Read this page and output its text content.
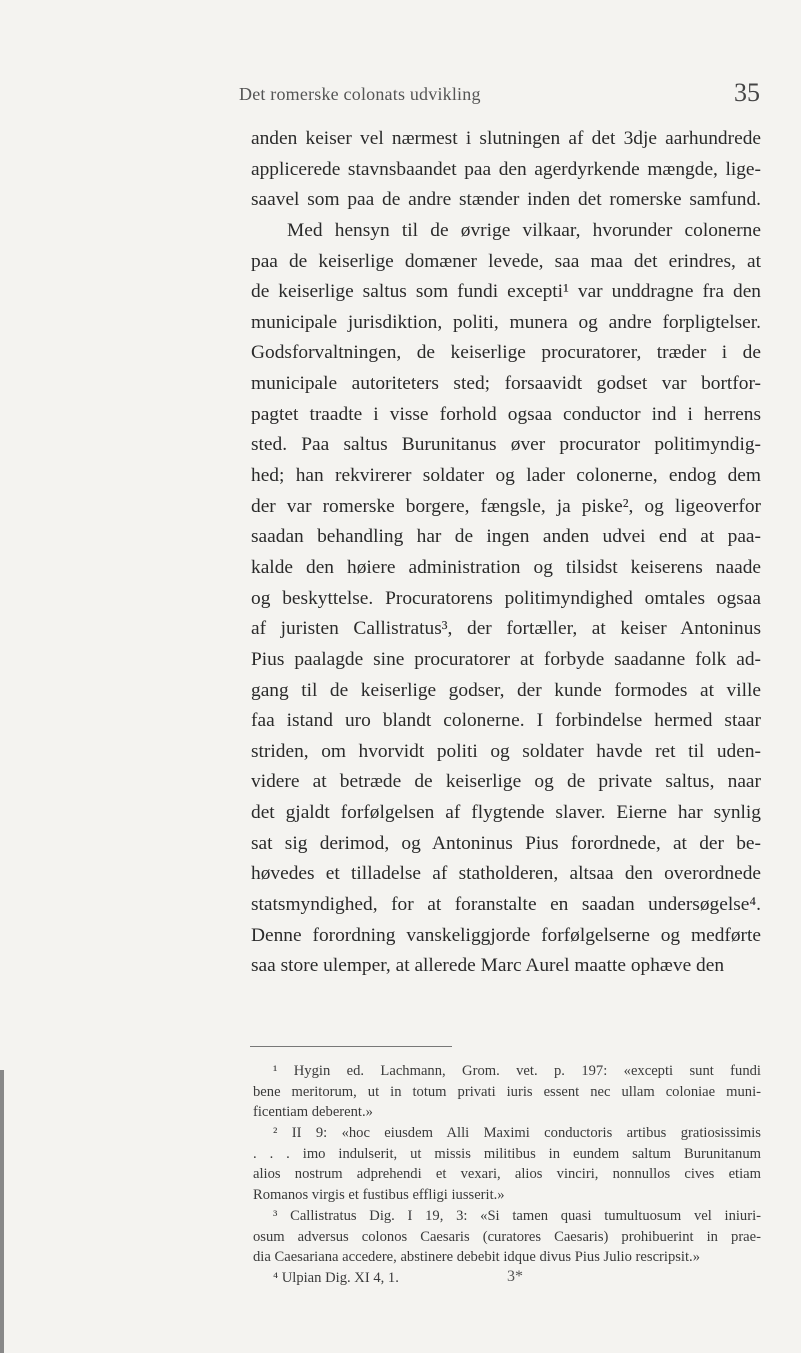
Det romerske colonats udvikling	35
anden keiser vel nærmest i slutningen af det 3dje aarhundrede
applicerede stavnsbaandet paa den agerdyrkende mængde, lige-
saavel som paa de andre stænder inden det romerske samfund.
Med hensyn til de øvrige vilkaar, hvorunder colonerne
paa de keiserlige domæner levede, saa maa det erindres, at
de keiserlige saltus som fundi excepti¹ var unddragne fra den
municipale jurisdiktion, politi, munera og andre forpligtelser.
Godsforvaltningen, de keiserlige procuratorer, træder i de
municipale autoriteters sted; forsaavidt godset var bortfor-
pagtet traadte i visse forhold ogsaa conductor ind i herrens
sted. Paa saltus Burunitanus øver procurator politimyndig-
hed; han rekvirerer soldater og lader colonerne, endog dem
der var romerske borgere, fængsle, ja piske², og ligeoverfor
saadan behandling har de ingen anden udvei end at paa-
kalde den høiere administration og tilsidst keiserens naade
og beskyttelse. Procuratorens politimyndighed omtales ogsaa
af juristen Callistratus³, der fortæller, at keiser Antoninus
Pius paalagde sine procuratorer at forbyde saadanne folk ad-
gang til de keiserlige godser, der kunde formodes at ville
faa istand uro blandt colonerne. I forbindelse hermed staar
striden, om hvorvidt politi og soldater havde ret til uden-
videre at betræde de keiserlige og de private saltus, naar
det gjaldt forfølgelsen af flygtende slaver. Eierne har synlig
sat sig derimod, og Antoninus Pius forordnede, at der be-
høvedes et tilladelse af statholderen, altsaa den overordnede
statsmyndighed, for at foranstalte en saadan undersøgelse⁴.
Denne forordning vanskeliggjorde forfølgelserne og medførte
saa store ulemper, at allerede Marc Aurel maatte ophæve den
¹ Hygin ed. Lachmann, Grom. vet. p. 197: «excepti sunt fundi
bene meritorum, ut in totum privati iuris essent nec ullam coloniae muni-
ficentiam deberent.»
² II 9: «hoc eiusdem Alli Maximi conductoris artibus gratiosissimis
. . . imo indulserit, ut missis militibus in eundem saltum Burunitanum
alios nostrum adprehendi et vexari, alios vinciri, nonnullos cives etiam
Romanos virgis et fustibus effligi iusserit.»
³ Callistratus Dig. I 19, 3: «Si tamen quasi tumultuosum vel iniuri-
osum adversus colonos Caesaris (curatores Caesaris) prohibuerint in prae-
dia Caesariana accedere, abstinere debebit idque divus Pius Julio rescripsit.»
⁴ Ulpian Dig. XI 4, 1.	3*
